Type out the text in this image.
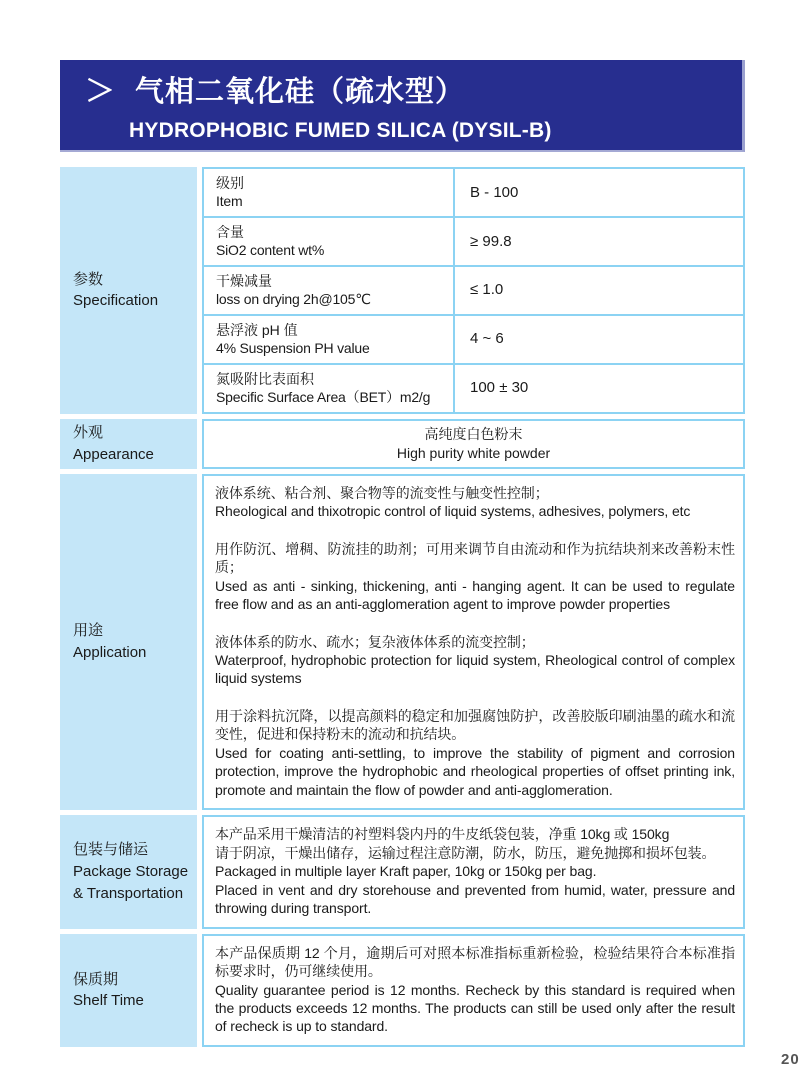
＞ 气相二氧化硅（疏水型）
HYDROPHOBIC FUMED SILICA (DYSIL-B)
参数
Specification
级别
Item
B - 100
含量
SiO2 content wt%
≥ 99.8
干燥减量
loss on drying 2h@105℃
≤ 1.0
悬浮液 pH 值
4% Suspension PH value
4 ~ 6
氮吸附比表面积
Specific Surface Area（BET）m2/g
100 ± 30
外观
Appearance
高纯度白色粉末
High purity white powder
用途
Application

液体系统、粘合剂、聚合物等的流变性与触变性控制；

Rheological and thixotropic control of liquid systems, adhesives, polymers, etc

用作防沉、增稠、防流挂的助剂；可用来调节自由流动和作为抗结块剂来改善粉末性质；

Used as anti - sinking, thickening, anti - hanging agent. It can be used to regulate free flow and as an anti-agglomeration agent to improve powder properties

液体体系的防水、疏水；复杂液体体系的流变控制；

Waterproof, hydrophobic protection for liquid system, Rheological control of complex liquid systems

用于涂料抗沉降，以提高颜料的稳定和加强腐蚀防护，改善胶版印刷油墨的疏水和流变性，促进和保持粉末的流动和抗结块。

Used for coating anti-settling, to improve the stability of pigment and corrosion protection, improve the hydrophobic and rheological properties of offset printing ink, promote and maintain the flow of powder and anti-agglomeration.

包装与储运
Package Storage
& Transportation

本产品采用干燥清洁的衬塑料袋内丹的牛皮纸袋包装，净重 10kg 或 150kg

请于阴凉，干燥出储存，运输过程注意防潮，防水，防压，避免抛掷和损坏包装。

Packaged in multiple layer Kraft paper, 10kg or 150kg per bag.

Placed in vent and dry storehouse and prevented from humid, water, pressure and throwing during transport.

保质期
Shelf Time

本产品保质期 12 个月，逾期后可对照本标准指标重新检验，检验结果符合本标准指标要求时，仍可继续使用。

Quality guarantee period is 12 months. Recheck by this standard is required when the products exceeds 12 months. The products can still be used only after the result of recheck is up to standard.

20
